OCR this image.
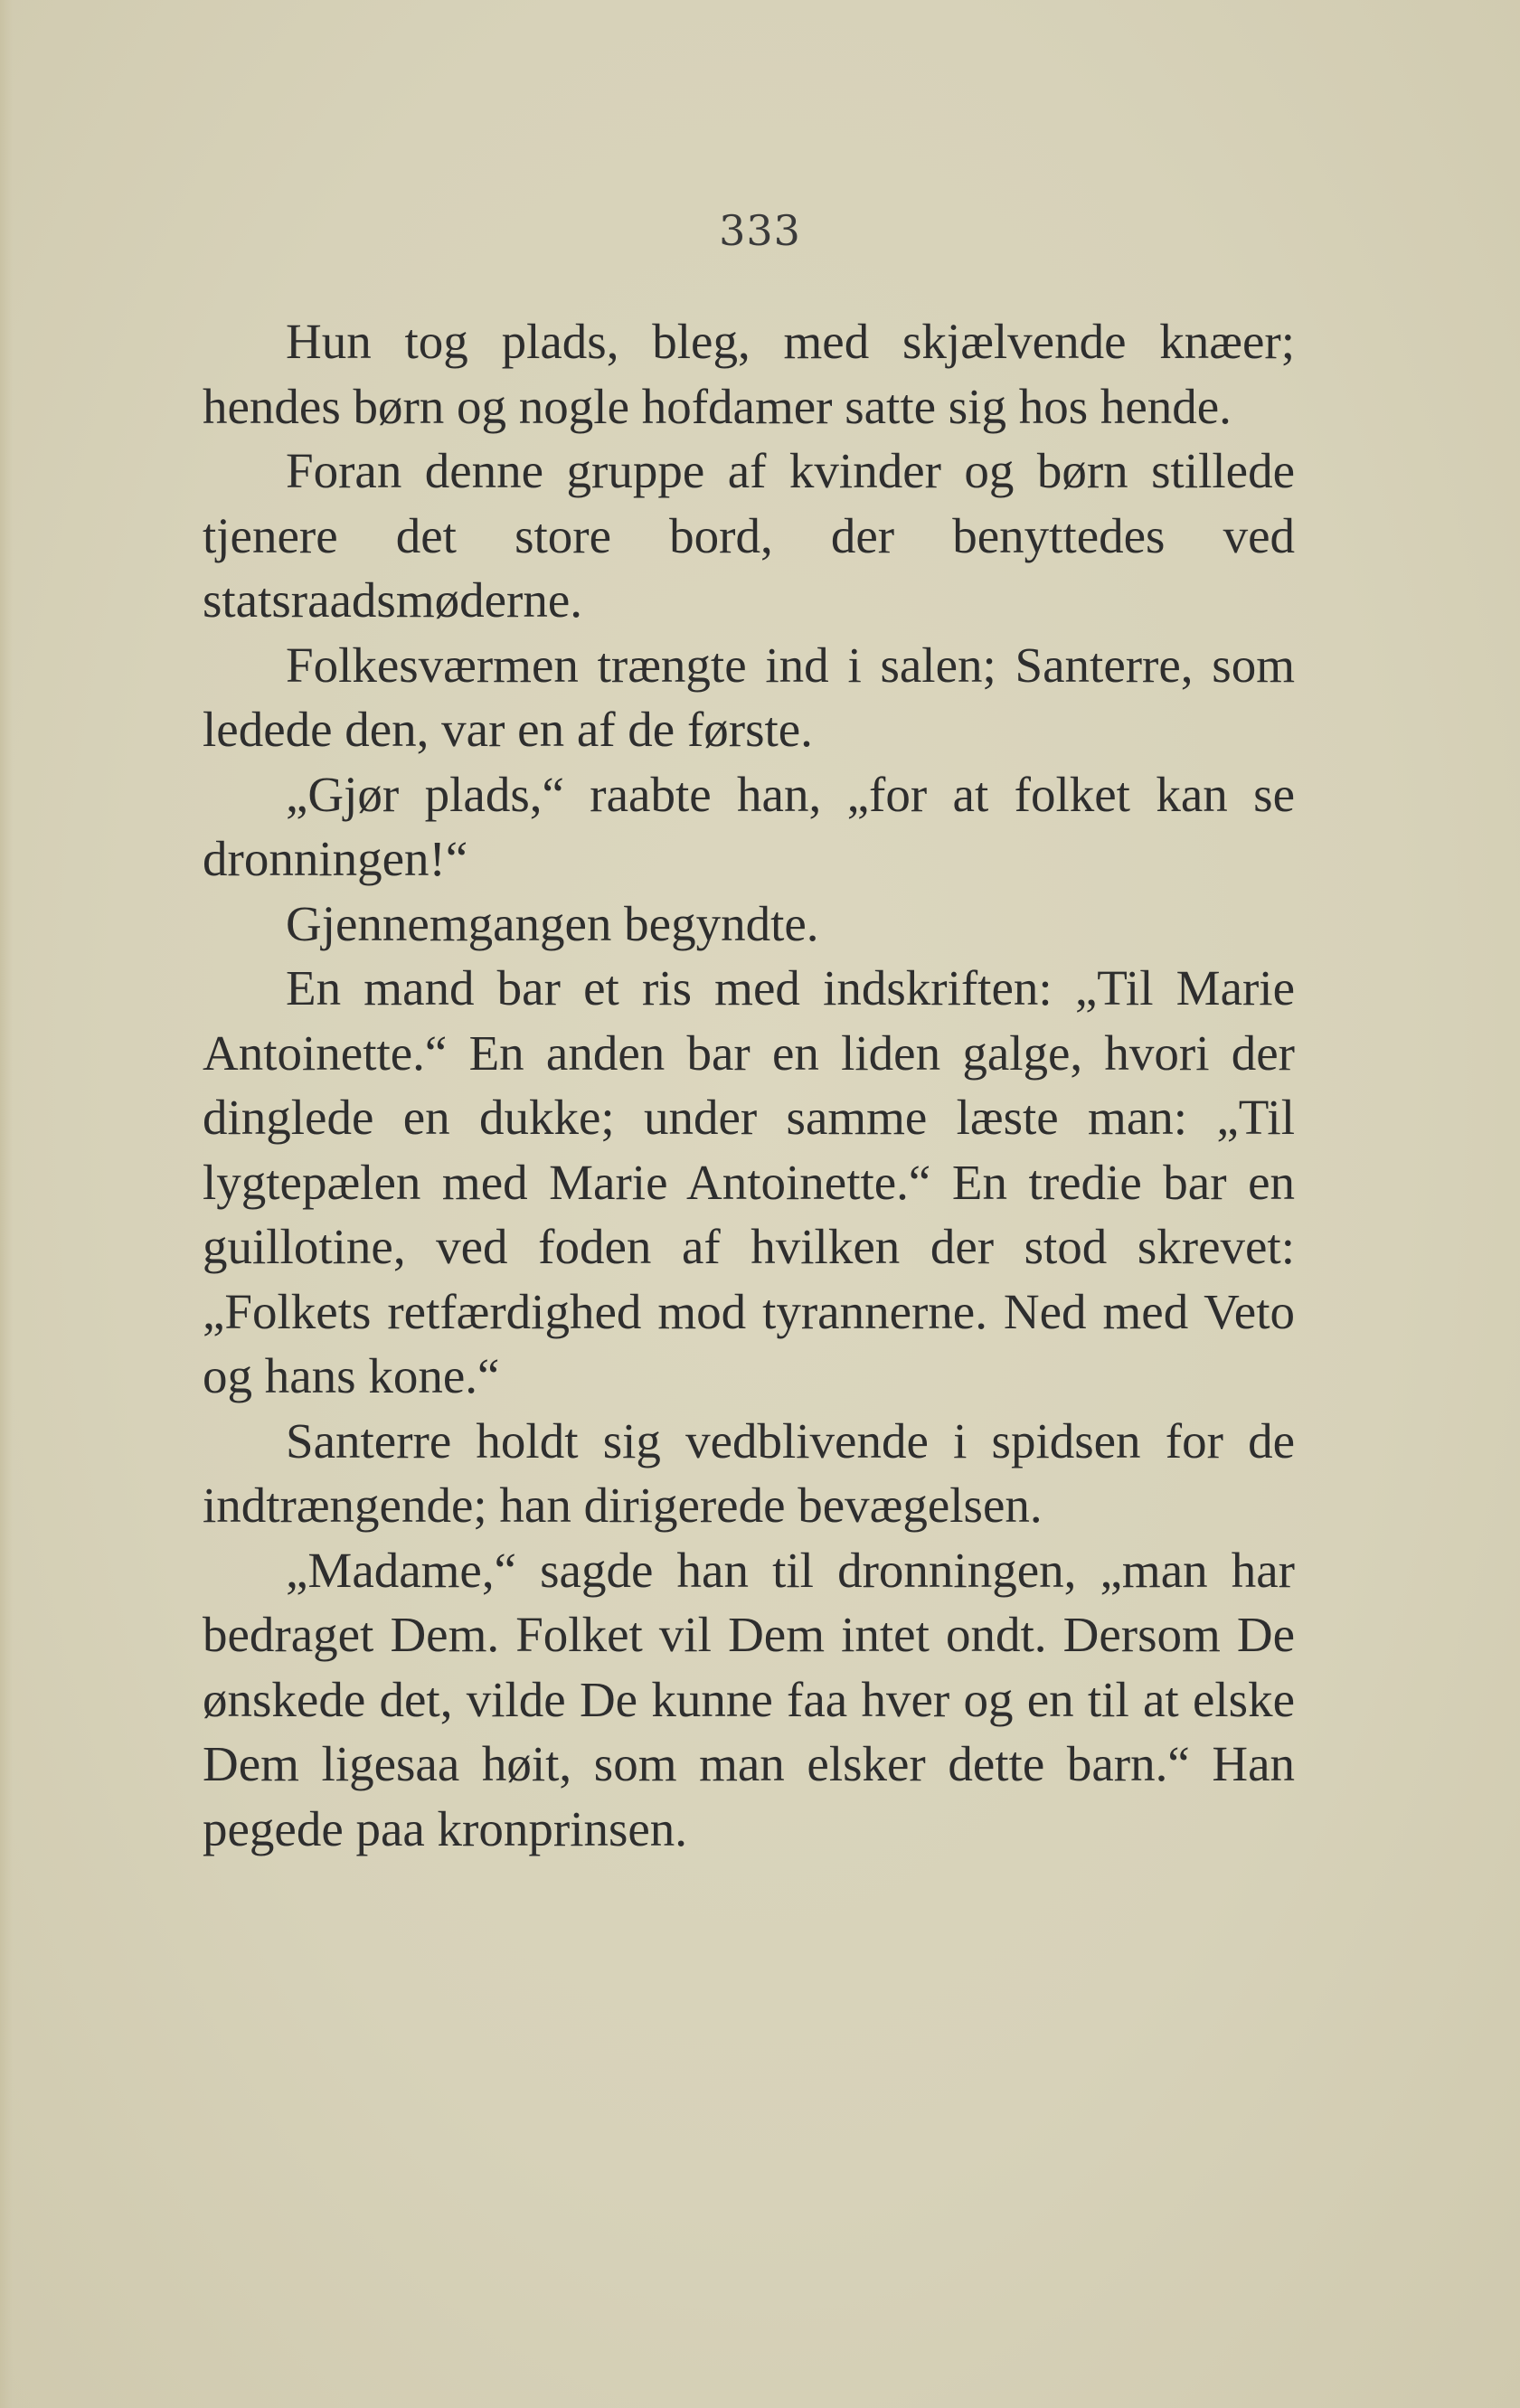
333

Hun tog plads, bleg, med skjælvende knæer; hendes børn og nogle hofdamer satte sig hos hende.

Foran denne gruppe af kvinder og børn stillede tjenere det store bord, der benyttedes ved statsraadsmøderne.

Folkesværmen trængte ind i salen; Santerre, som ledede den, var en af de første.

„Gjør plads,“ raabte han, „for at folket kan se dronningen!“

Gjennemgangen begyndte.

En mand bar et ris med indskriften: „Til Marie Antoinette.“ En anden bar en liden galge, hvori der dinglede en dukke; under samme læste man: „Til lygtepælen med Marie Antoinette.“ En tredie bar en guillotine, ved foden af hvilken der stod skrevet: „Folkets retfærdighed mod tyrannerne. Ned med Veto og hans kone.“

Santerre holdt sig vedblivende i spidsen for de indtrængende; han dirigerede bevægelsen.

„Madame,“ sagde han til dronningen, „man har bedraget Dem. Folket vil Dem intet ondt. Dersom De ønskede det, vilde De kunne faa hver og en til at elske Dem ligesaa høit, som man elsker dette barn.“ Han pegede paa kronprinsen.
